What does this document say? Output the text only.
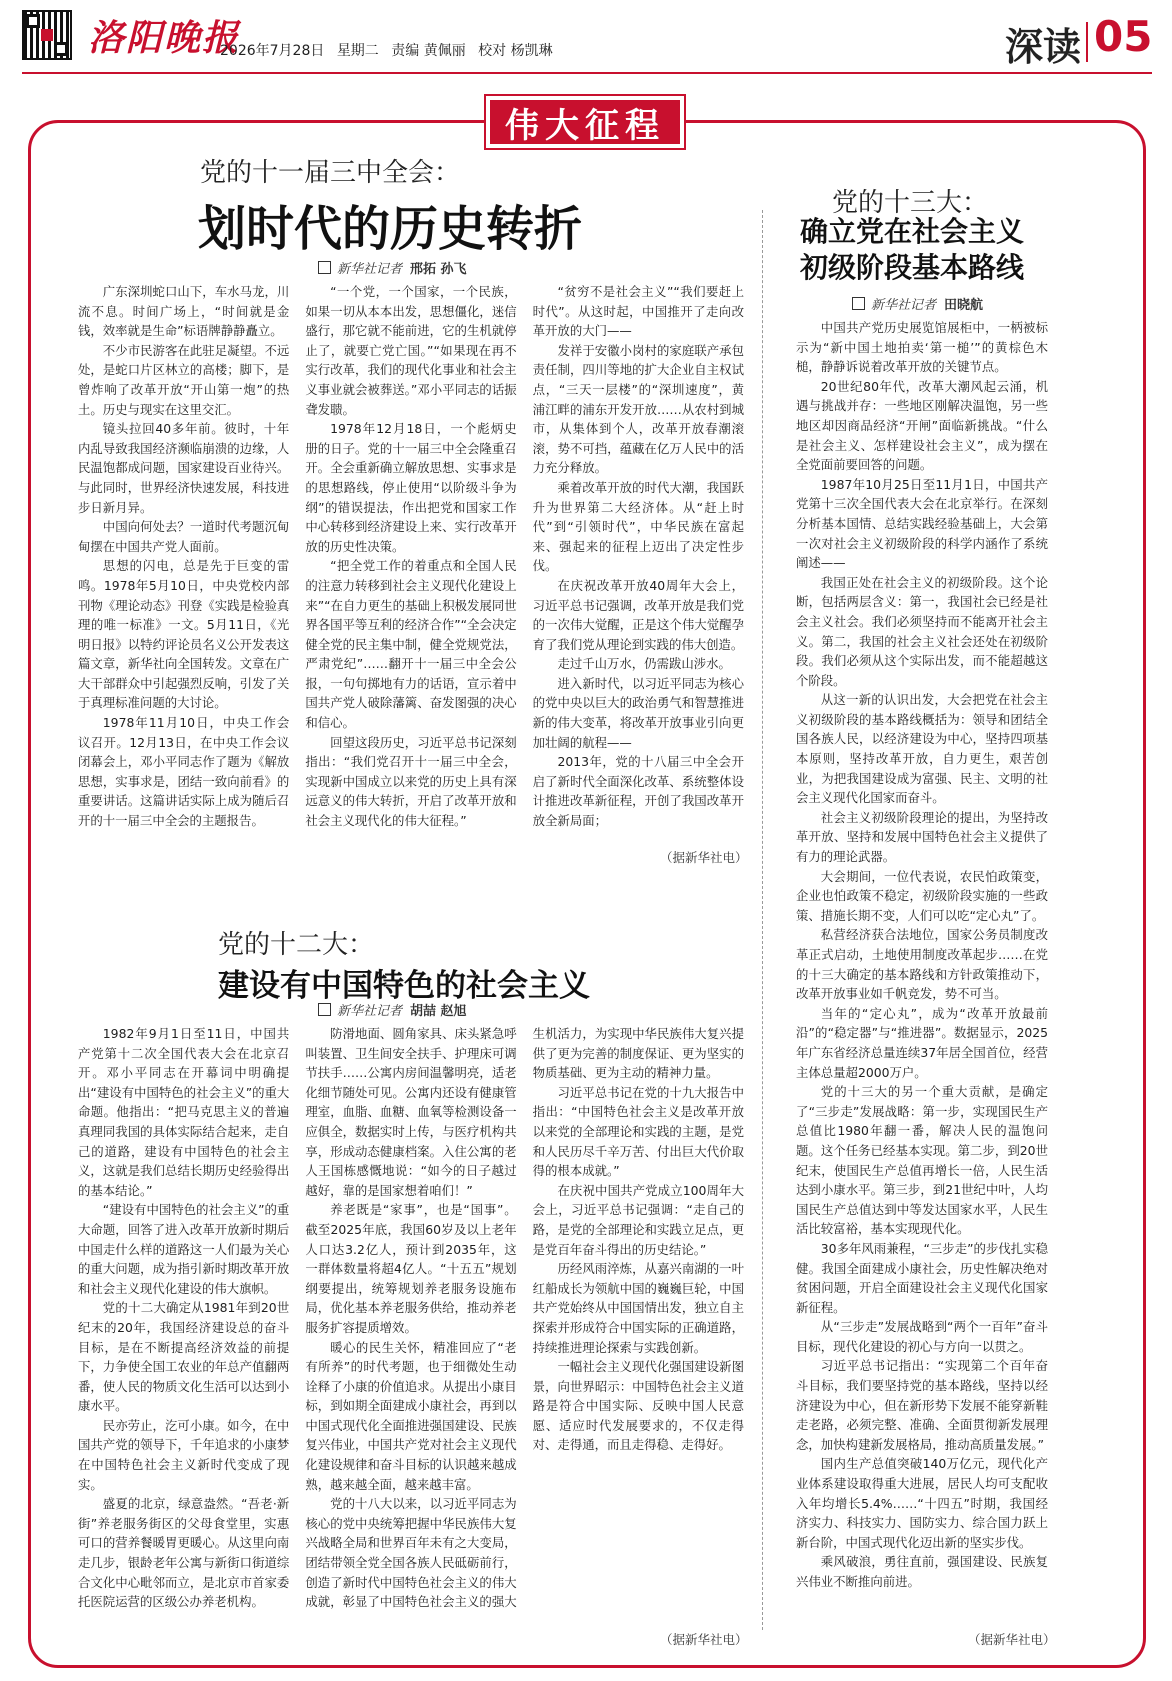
洛阳晚报
2026年7月28日 星期二 责编 黄佩丽 校对 杨凯琳	深读 05
伟大征程
党的十一届三中全会：
划时代的历史转折
新华社记者 邢拓 孙飞

广东深圳蛇口山下，车水马龙，川流不息。时间广场上，“时间就是金钱，效率就是生命”标语牌静静矗立。

不少市民游客在此驻足凝望。不远处，是蛇口片区林立的高楼；脚下，是曾炸响了改革开放“开山第一炮”的热土。历史与现实在这里交汇。

镜头拉回40多年前。彼时，十年内乱导致我国经济濒临崩溃的边缘，人民温饱都成问题，国家建设百业待兴。与此同时，世界经济快速发展，科技进步日新月异。

中国向何处去？一道时代考题沉甸甸摆在中国共产党人面前。

思想的闪电，总是先于巨变的雷鸣。1978年5月10日，中央党校内部刊物《理论动态》刊登《实践是检验真理的唯一标准》一文。5月11日，《光明日报》以特约评论员名义公开发表这篇文章，新华社向全国转发。文章在广大干部群众中引起强烈反响，引发了关于真理标准问题的大讨论。

1978年11月10日，中央工作会议召开。12月13日，在中央工作会议闭幕会上，邓小平同志作了题为《解放思想，实事求是，团结一致向前看》的重要讲话。这篇讲话实际上成为随后召开的十一届三中全会的主题报告。

“一个党，一个国家，一个民族，如果一切从本本出发，思想僵化，迷信盛行，那它就不能前进，它的生机就停止了，就要亡党亡国。”“如果现在再不实行改革，我们的现代化事业和社会主义事业就会被葬送。”邓小平同志的话振聋发聩。

1978年12月18日，一个彪炳史册的日子。党的十一届三中全会隆重召开。全会重新确立解放思想、实事求是的思想路线，停止使用“以阶级斗争为纲”的错误提法，作出把党和国家工作中心转移到经济建设上来、实行改革开放的历史性决策。

“把全党工作的着重点和全国人民的注意力转移到社会主义现代化建设上来”“在自力更生的基础上积极发展同世界各国平等互利的经济合作”“全会决定健全党的民主集中制，健全党规党法，严肃党纪”……翻开十一届三中全会公报，一句句掷地有力的话语，宣示着中国共产党人破除藩篱、奋发图强的决心和信心。

回望这段历史，习近平总书记深刻指出：“我们党召开十一届三中全会，实现新中国成立以来党的历史上具有深远意义的伟大转折，开启了改革开放和社会主义现代化的伟大征程。”

“贫穷不是社会主义”“我们要赶上时代”。从这时起，中国推开了走向改革开放的大门——

发祥于安徽小岗村的家庭联产承包责任制，四川等地的扩大企业自主权试点，“三天一层楼”的“深圳速度”，黄浦江畔的浦东开发开放……从农村到城市，从集体到个人，改革开放春潮滚滚，势不可挡，蕴藏在亿万人民中的活力充分释放。

乘着改革开放的时代大潮，我国跃升为世界第二大经济体。从“赶上时代”到“引领时代”，中华民族在富起来、强起来的征程上迈出了决定性步伐。

在庆祝改革开放40周年大会上，习近平总书记强调，改革开放是我们党的一次伟大觉醒，正是这个伟大觉醒孕育了我们党从理论到实践的伟大创造。

走过千山万水，仍需跋山涉水。

进入新时代，以习近平同志为核心的党中央以巨大的政治勇气和智慧推进新的伟大变革，将改革开放事业引向更加壮阔的航程——

2013年，党的十八届三中全会开启了新时代全面深化改革、系统整体设计推进改革新征程，开创了我国改革开放全新局面；

（据新华社电）
党的十二大：
建设有中国特色的社会主义
新华社记者 胡喆 赵旭

1982年9月1日至11日，中国共产党第十二次全国代表大会在北京召开。邓小平同志在开幕词中明确提出“建设有中国特色的社会主义”的重大命题。他指出：“把马克思主义的普遍真理同我国的具体实际结合起来，走自己的道路，建设有中国特色的社会主义，这就是我们总结长期历史经验得出的基本结论。”

“建设有中国特色的社会主义”的重大命题，回答了进入改革开放新时期后中国走什么样的道路这一人们最为关心的重大问题，成为指引新时期改革开放和社会主义现代化建设的伟大旗帜。

党的十二大确定从1981年到20世纪末的20年，我国经济建设总的奋斗目标，是在不断提高经济效益的前提下，力争使全国工农业的年总产值翻两番，使人民的物质文化生活可以达到小康水平。

民亦劳止，汔可小康。如今，在中国共产党的领导下，千年追求的小康梦在中国特色社会主义新时代变成了现实。

盛夏的北京，绿意盎然。“吾老·新街”养老服务街区的父母食堂里，实惠可口的营养餐暖胃更暖心。从这里向南走几步，银龄老年公寓与新街口街道综合文化中心毗邻而立，是北京市首家委托医院运营的区级公办养老机构。

防滑地面、圆角家具、床头紧急呼叫装置、卫生间安全扶手、护理床可调节扶手……公寓内房间温馨明亮，适老化细节随处可见。公寓内还设有健康管理室，血脂、血糖、血氧等检测设备一应俱全，数据实时上传，与医疗机构共享，形成动态健康档案。入住公寓的老人王国栋感慨地说：“如今的日子越过越好，靠的是国家想着咱们！”

养老既是“家事”，也是“国事”。截至2025年底，我国60岁及以上老年人口达3.2亿人，预计到2035年，这一群体数量将超4亿人。“十五五”规划纲要提出，统筹规划养老服务设施布局，优化基本养老服务供给，推动养老服务扩容提质增效。

暖心的民生关怀，精准回应了“老有所养”的时代考题，也于细微处生动诠释了小康的价值追求。从提出小康目标，到如期全面建成小康社会，再到以中国式现代化全面推进强国建设、民族复兴伟业，中国共产党对社会主义现代化建设规律和奋斗目标的认识越来越成熟，越来越全面，越来越丰富。

党的十八大以来，以习近平同志为核心的党中央统筹把握中华民族伟大复兴战略全局和世界百年未有之大变局，团结带领全党全国各族人民砥砺前行，创造了新时代中国特色社会主义的伟大成就，彰显了中国特色社会主义的强大生机活力，为实现中华民族伟大复兴提供了更为完善的制度保证、更为坚实的物质基础、更为主动的精神力量。

习近平总书记在党的十九大报告中指出：“中国特色社会主义是改革开放以来党的全部理论和实践的主题，是党和人民历尽千辛万苦、付出巨大代价取得的根本成就。”

在庆祝中国共产党成立100周年大会上，习近平总书记强调：“走自己的路，是党的全部理论和实践立足点，更是党百年奋斗得出的历史结论。”

历经风雨淬炼，从嘉兴南湖的一叶红船成长为领航中国的巍巍巨轮，中国共产党始终从中国国情出发，独立自主探索并形成符合中国实际的正确道路，持续推进理论探索与实践创新。

一幅社会主义现代化强国建设新图景，向世界昭示：中国特色社会主义道路是符合中国实际、反映中国人民意愿、适应时代发展要求的，不仅走得对、走得通，而且走得稳、走得好。

（据新华社电）
党的十三大：
确立党在社会主义
初级阶段基本路线
新华社记者 田晓航

中国共产党历史展览馆展柜中，一柄被标示为“新中国土地拍卖‘第一槌’”的黄棕色木槌，静静诉说着改革开放的关键节点。

20世纪80年代，改革大潮风起云涌，机遇与挑战并存：一些地区刚解决温饱，另一些地区却因商品经济“开闸”面临新挑战。“什么是社会主义、怎样建设社会主义”，成为摆在全党面前要回答的问题。

1987年10月25日至11月1日，中国共产党第十三次全国代表大会在北京举行。在深刻分析基本国情、总结实践经验基础上，大会第一次对社会主义初级阶段的科学内涵作了系统阐述——

我国正处在社会主义的初级阶段。这个论断，包括两层含义：第一，我国社会已经是社会主义社会。我们必须坚持而不能离开社会主义。第二，我国的社会主义社会还处在初级阶段。我们必须从这个实际出发，而不能超越这个阶段。

从这一新的认识出发，大会把党在社会主义初级阶段的基本路线概括为：领导和团结全国各族人民，以经济建设为中心，坚持四项基本原则，坚持改革开放，自力更生，艰苦创业，为把我国建设成为富强、民主、文明的社会主义现代化国家而奋斗。

社会主义初级阶段理论的提出，为坚持改革开放、坚持和发展中国特色社会主义提供了有力的理论武器。

大会期间，一位代表说，农民怕政策变，企业也怕政策不稳定，初级阶段实施的一些政策、措施长期不变，人们可以吃“定心丸”了。

私营经济获合法地位，国家公务员制度改革正式启动，土地使用制度改革起步……在党的十三大确定的基本路线和方针政策推动下，改革开放事业如千帆竞发，势不可当。

当年的“定心丸”，成为“改革开放最前沿”的“稳定器”与“推进器”。数据显示，2025年广东省经济总量连续37年居全国首位，经营主体总量超2000万户。

党的十三大的另一个重大贡献，是确定了“三步走”发展战略：第一步，实现国民生产总值比1980年翻一番，解决人民的温饱问题。这个任务已经基本实现。第二步，到20世纪末，使国民生产总值再增长一倍，人民生活达到小康水平。第三步，到21世纪中叶，人均国民生产总值达到中等发达国家水平，人民生活比较富裕，基本实现现代化。

30多年风雨兼程，“三步走”的步伐扎实稳健。我国全面建成小康社会，历史性解决绝对贫困问题，开启全面建设社会主义现代化国家新征程。

从“三步走”发展战略到“两个一百年”奋斗目标，现代化建设的初心与方向一以贯之。

习近平总书记指出：“实现第二个百年奋斗目标，我们要坚持党的基本路线，坚持以经济建设为中心，但在新形势下发展不能穿新鞋走老路，必须完整、准确、全面贯彻新发展理念，加快构建新发展格局，推动高质量发展。”

国内生产总值突破140万亿元，现代化产业体系建设取得重大进展，居民人均可支配收入年均增长5.4%……“十四五”时期，我国经济实力、科技实力、国防实力、综合国力跃上新台阶，中国式现代化迈出新的坚实步伐。

乘风破浪，勇往直前，强国建设、民族复兴伟业不断推向前进。

（据新华社电）
